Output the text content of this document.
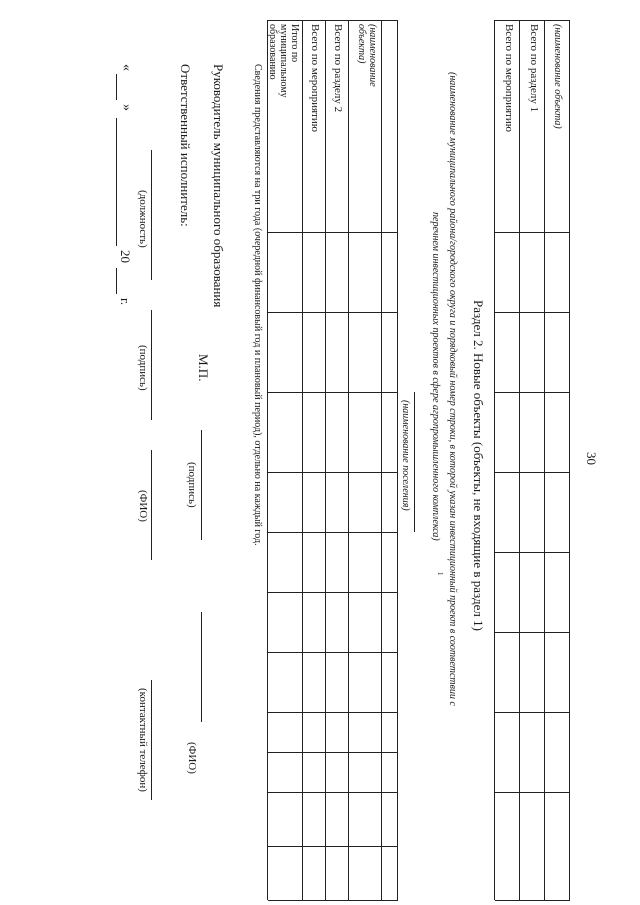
30
(наименование объекта)
Всего по разделу 1
Всего по мероприятию
Раздел 2. Новые объекты (объекты, не входящие в раздел 1)
(наименование муниципального района/городского округа и порядковый номер строки, в которой указан инвестиционный проект в соответствии с
перечнем инвестиционных проектов в сфере агропромышленного комплекса)
1
(наименование поселения)
(наименование объекта)
Всего по разделу 2
Всего по мероприятию
Итого по муниципальному образованию
Сведения представляются на три года (очередной финансовый год и плановый период), отдельно на каждый год.
Руководитель муниципального образования
(подпись)
(ФИО)
М.П.
Ответственный исполнитель:
(должность)
(подпись)
(ФИО)
(контактный телефон)
«
»
20
г.
